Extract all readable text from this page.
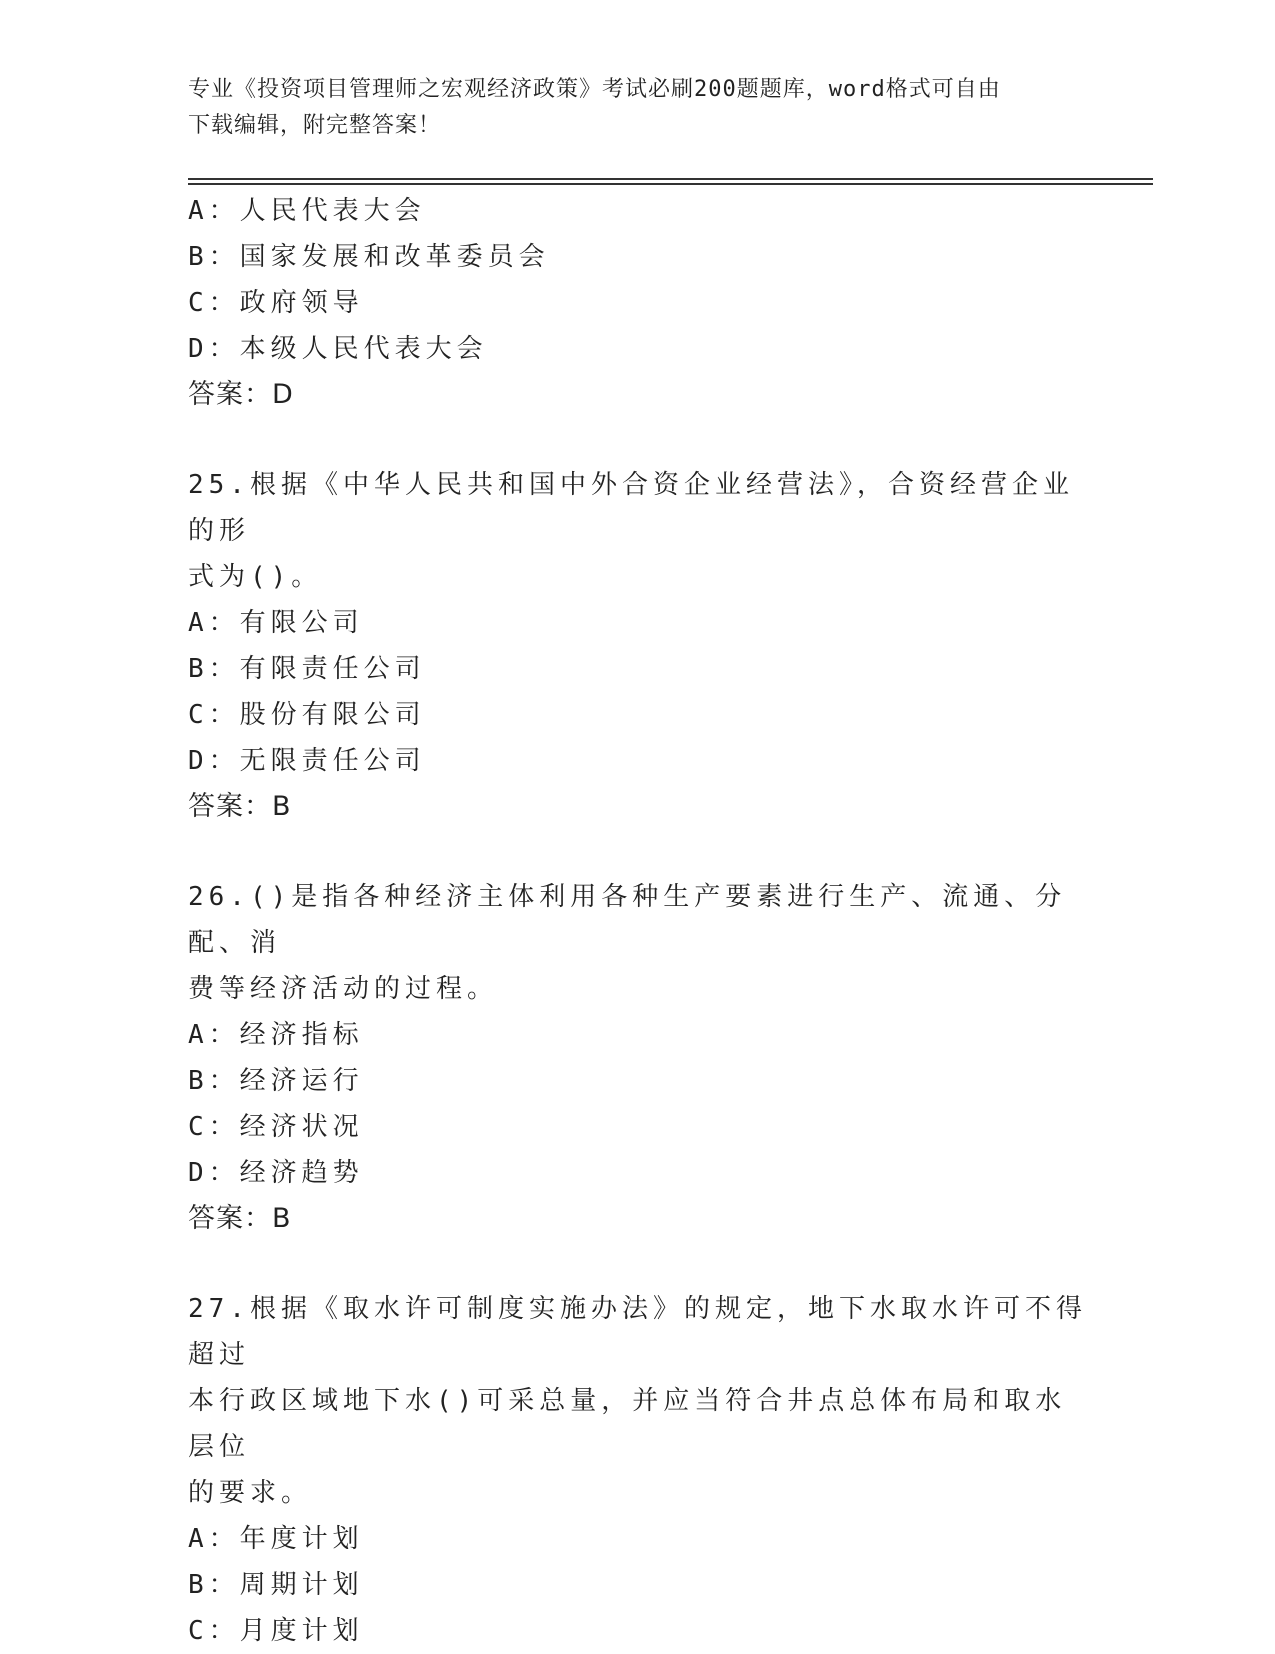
专业《投资项目管理师之宏观经济政策》考试必刷200题题库，word格式可自由
下载编辑，附完整答案！
A：人民代表大会
B：国家发展和改革委员会
C：政府领导
D：本级人民代表大会
答案：D
25.根据《中华人民共和国中外合资企业经营法》，合资经营企业的形
式为()。
A：有限公司
B：有限责任公司
C：股份有限公司
D：无限责任公司
答案：B
26.()是指各种经济主体利用各种生产要素进行生产、流通、分配、消
费等经济活动的过程。
A：经济指标
B：经济运行
C：经济状况
D：经济趋势
答案：B
27.根据《取水许可制度实施办法》的规定，地下水取水许可不得超过
本行政区域地下水()可采总量，并应当符合井点总体布局和取水层位
的要求。
A：年度计划
B：周期计划
C：月度计划
